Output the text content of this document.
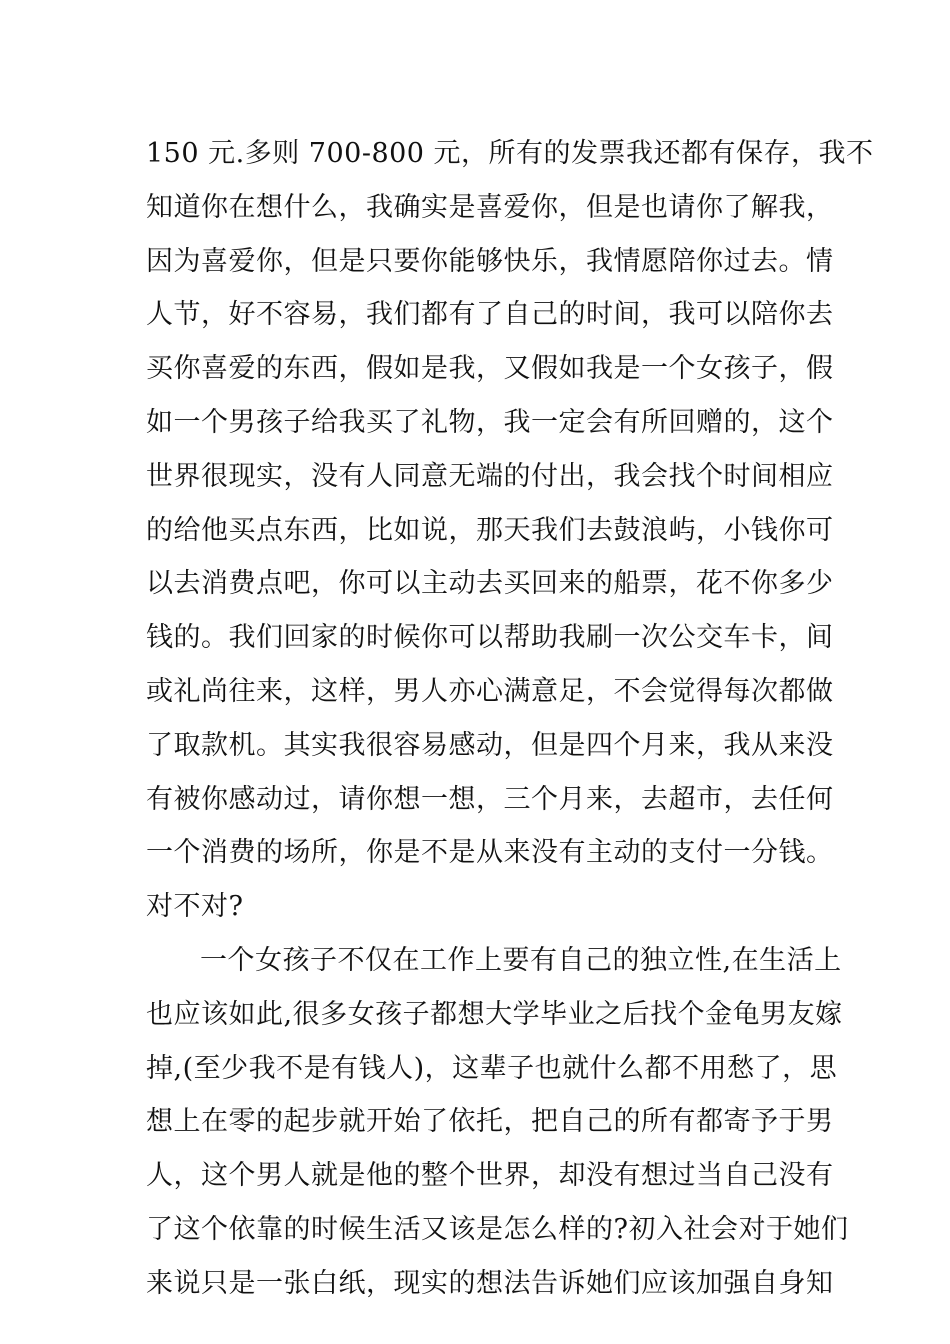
150 元.多则 700-800 元，所有的发票我还都有保存，我不
知道你在想什么，我确实是喜爱你，但是也请你了解我，
因为喜爱你，但是只要你能够快乐，我情愿陪你过去。情
人节，好不容易，我们都有了自己的时间，我可以陪你去
买你喜爱的东西，假如是我，又假如我是一个女孩子，假
如一个男孩子给我买了礼物，我一定会有所回赠的，这个
世界很现实，没有人同意无端的付出，我会找个时间相应
的给他买点东西，比如说，那天我们去鼓浪屿，小钱你可
以去消费点吧，你可以主动去买回来的船票，花不你多少
钱的。我们回家的时候你可以帮助我刷一次公交车卡，间
或礼尚往来，这样，男人亦心满意足，不会觉得每次都做
了取款机。其实我很容易感动，但是四个月来，我从来没
有被你感动过，请你想一想，三个月来，去超市，去任何
一个消费的场所，你是不是从来没有主动的支付一分钱。
对不对?
一个女孩子不仅在工作上要有自己的独立性,在生活上
也应该如此,很多女孩子都想大学毕业之后找个金龟男友嫁
掉,(至少我不是有钱人)，这辈子也就什么都不用愁了，思
想上在零的起步就开始了依托，把自己的所有都寄予于男
人，这个男人就是他的整个世界，却没有想过当自己没有
了这个依靠的时候生活又该是怎么样的?初入社会对于她们
来说只是一张白纸，现实的想法告诉她们应该加强自身知
